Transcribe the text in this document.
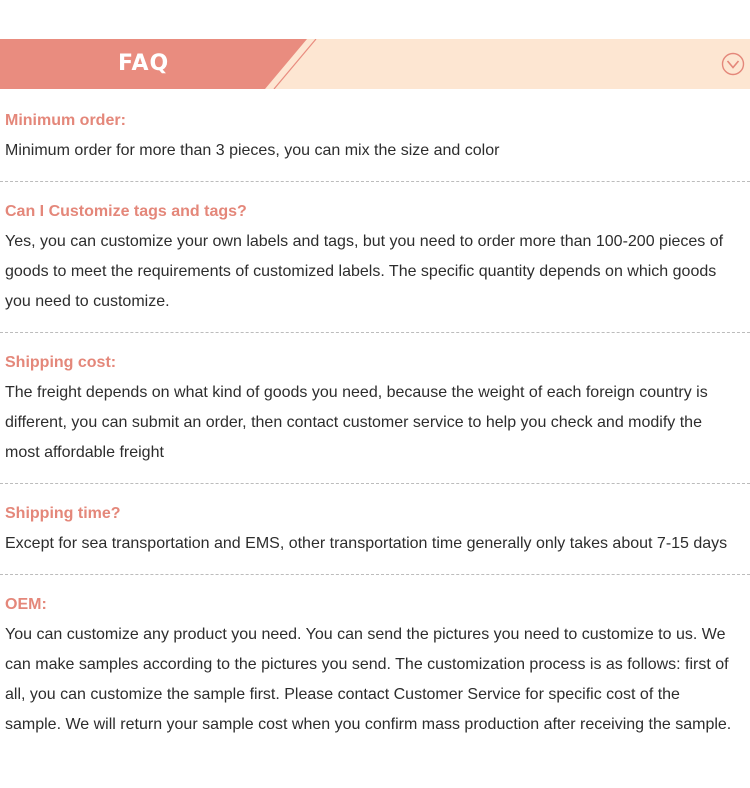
FAQ
Minimum order:
Minimum order for more than 3 pieces, you can mix the size and color
Can I Customize tags and tags?
Yes, you can customize your own labels and tags, but you need to order more than 100-200 pieces of goods to meet the requirements of customized labels. The specific quantity depends on which goods you need to customize.
Shipping cost:
The freight depends on what kind of goods you need, because the weight of each foreign country is different, you can submit an order, then contact customer service to help you check and modify the most affordable freight
Shipping time?
Except for sea transportation and EMS, other transportation time generally only takes about 7-15 days
OEM:
You can customize any product you need. You can send the pictures you need to customize to us. We can make samples according to the pictures you send. The customization process is as follows: first of all, you can customize the sample first. Please contact Customer Service for specific cost of the sample. We will return your sample cost when you confirm mass production after receiving the sample.
